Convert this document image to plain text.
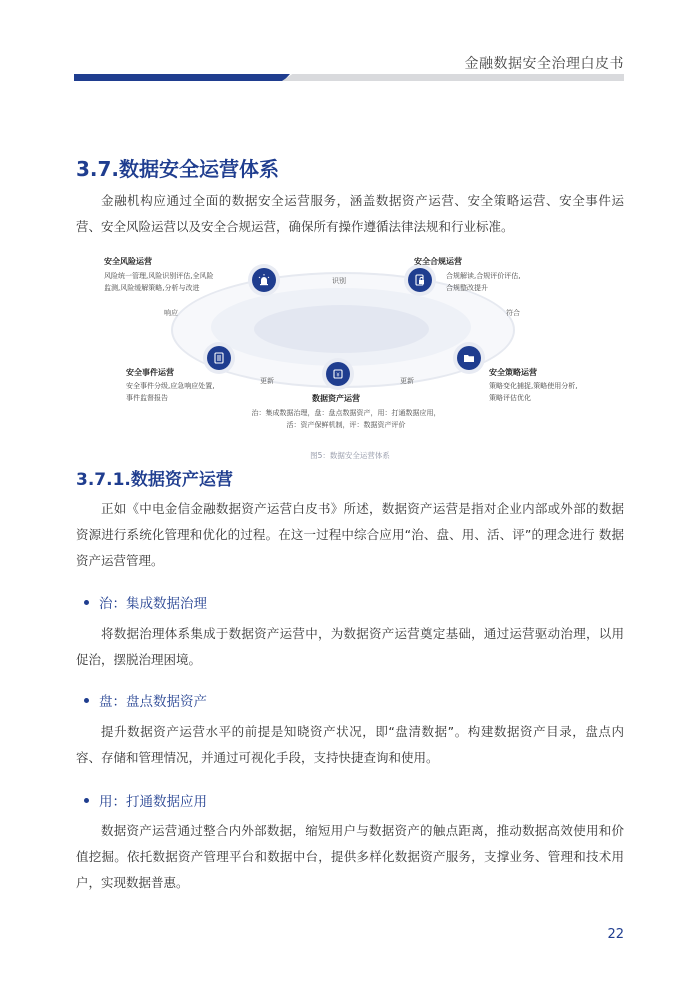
金融数据安全治理白皮书
3.7.数据安全运营体系

金融机构应通过全面的数据安全运营服务，涵盖数据资产运营、安全策略运营、安全事件运营、安全风险运营以及安全合规运营，确保所有操作遵循法律法规和行业标准。

¥
安全风险运营
风险统一管理,风险识别评估,全风险
监测,风险缓解策略,分析与改进
安全合规运营
合规解读,合规评价评估,
合规整改提升
安全事件运营
安全事件分级,应急响应处置,
事件监督报告	数据资产运营
治：集成数据治理，盘：盘点数据资产，用：打通数据应用，
活：资产保鲜机制，评：数据资产评价
安全策略运营
策略变化捕捉,策略使用分析,
策略评估优化
识别
响应	符合
更新	更新
图5：数据安全运营体系
3.7.1.数据资产运营

正如《中电金信金融数据资产运营白皮书》所述，数据资产运营是指对企业内部或外部的数据资源进行系统化管理和优化的过程。在这一过程中综合应用“治、盘、用、活、评”的理念进行 数据资产运营管理。

治：集成数据治理

将数据治理体系集成于数据资产运营中，为数据资产运营奠定基础，通过运营驱动治理，以用促治，摆脱治理困境。

盘：盘点数据资产

提升数据资产运营水平的前提是知晓资产状况，即“盘清数据”。构建数据资产目录，盘点内 容、存储和管理情况，并通过可视化手段，支持快捷查询和使用。

用：打通数据应用

数据资产运营通过整合内外部数据，缩短用户与数据资产的触点距离，推动数据高效使用和价值挖掘。依托数据资产管理平台和数据中台，提供多样化数据资产服务，支撑业务、管理和技术用户，实现数据普惠。

22
